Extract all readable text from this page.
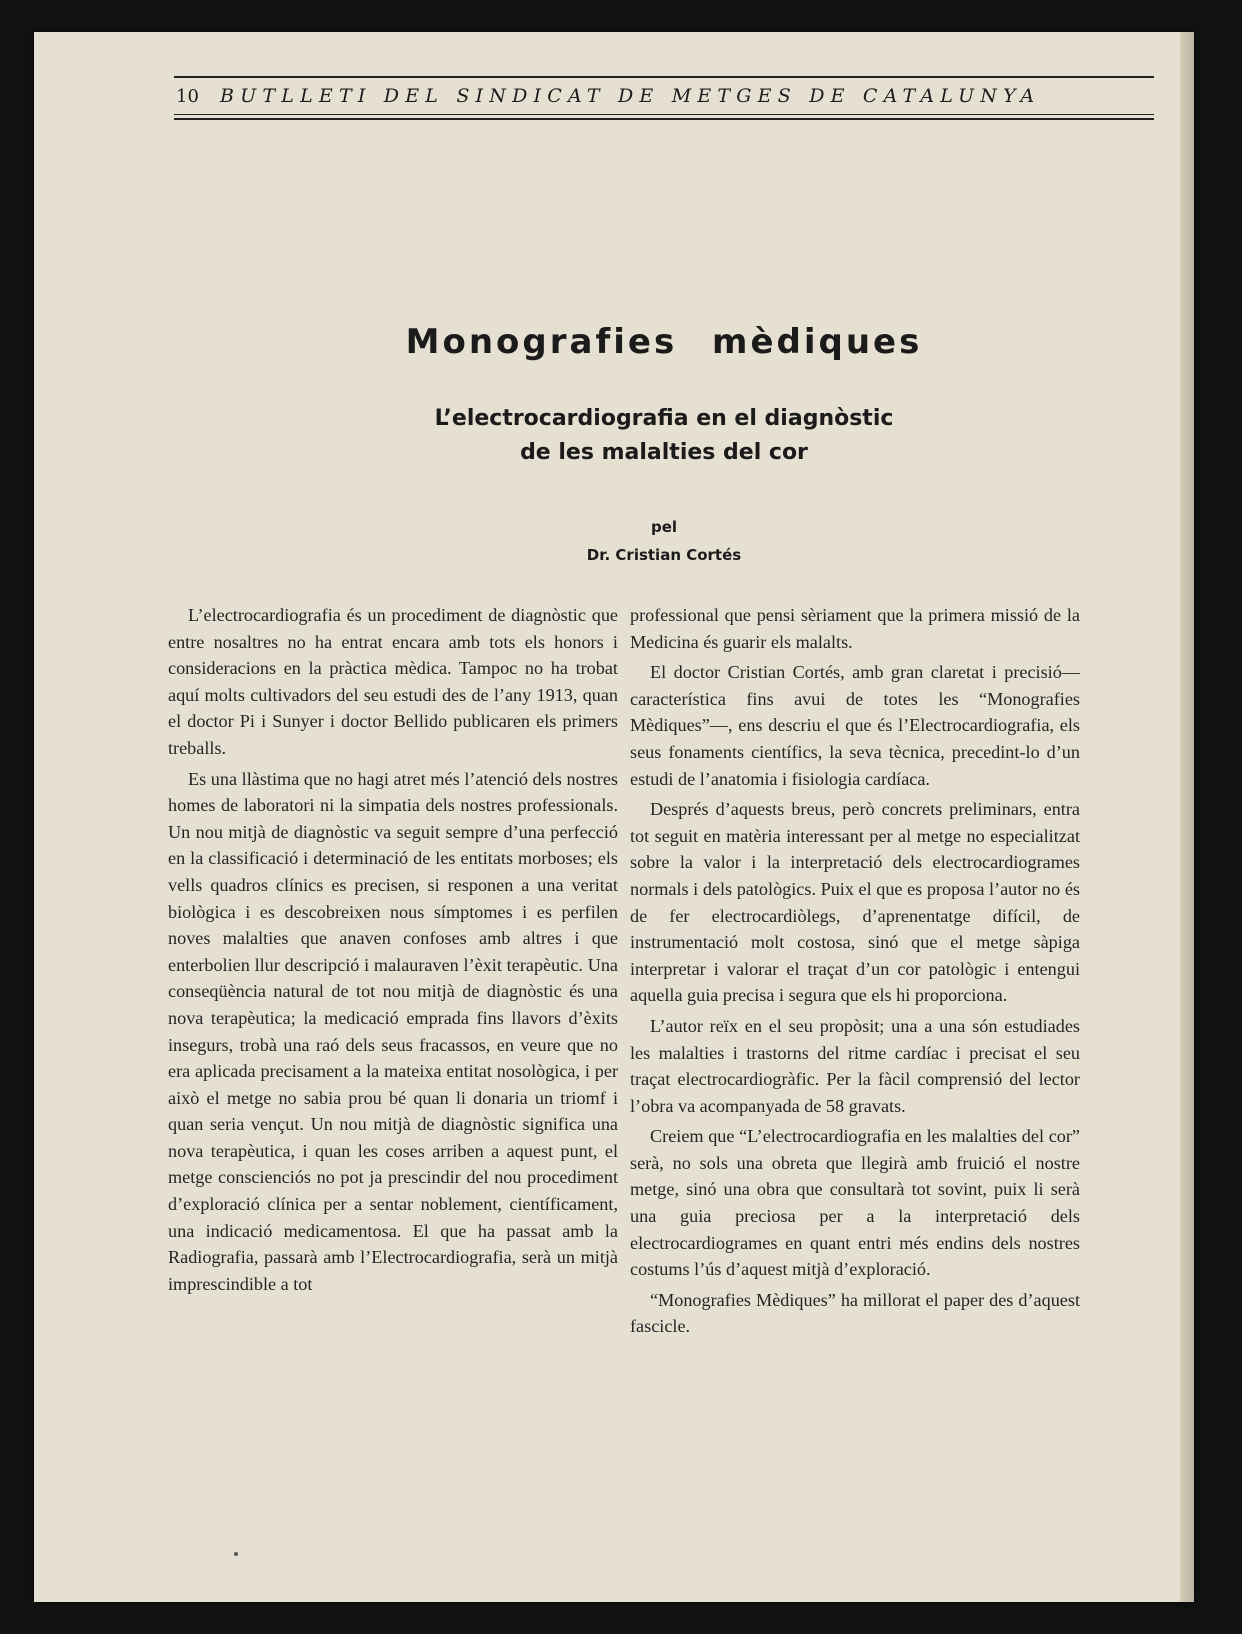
10	BUTLLETI DEL SINDICAT DE METGES DE CATALUNYA
Monografies mèdiques
L’electrocardiografia en el diagnòstic de les malalties del cor
pel
Dr. Cristian Cortés

L’electrocardiografia és un procediment de diagnòstic que entre nosaltres no ha entrat encara amb tots els honors i consideracions en la pràctica mèdica. Tampoc no ha trobat aquí molts cultivadors del seu estudi des de l’any 1913, quan el doctor Pi i Sunyer i doctor Bellido publicaren els primers treballs.

Es una llàstima que no hagi atret més l’atenció dels nostres homes de laboratori ni la simpatia dels nostres professionals. Un nou mitjà de diagnòstic va seguit sempre d’una perfecció en la classificació i determinació de les entitats morboses; els vells quadros clínics es precisen, si responen a una veritat biològica i es descobreixen nous símptomes i es perfilen noves malalties que anaven confoses amb altres i que enterbolien llur descripció i malauraven l’èxit terapèutic. Una conseqüència natural de tot nou mitjà de diagnòstic és una nova terapèutica; la medicació emprada fins llavors d’èxits insegurs, trobà una raó dels seus fracassos, en veure que no era aplicada precisament a la mateixa entitat nosològica, i per això el metge no sabia prou bé quan li donaria un triomf i quan seria vençut. Un nou mitjà de diagnòstic significa una nova terapèutica, i quan les coses arriben a aquest punt, el metge conscienciós no pot ja prescindir del nou procediment d’exploració clínica per a sentar noblement, científicament, una indicació medicamentosa. El que ha passat amb la Radiografia, passarà amb l’Electrocardiografia, serà un mitjà imprescindible a tot

professional que pensi sèriament que la primera missió de la Medicina és guarir els malalts.

El doctor Cristian Cortés, amb gran claretat i precisió—característica fins avui de totes les “Monografies Mèdiques”—, ens descriu el que és l’Electrocardiografia, els seus fonaments científics, la seva tècnica, precedint-lo d’un estudi de l’anatomia i fisiologia cardíaca.

Després d’aquests breus, però concrets preliminars, entra tot seguit en matèria interessant per al metge no especialitzat sobre la valor i la interpretació dels electrocardiogrames normals i dels patològics. Puix el que es proposa l’autor no és de fer electrocardiòlegs, d’aprenentatge difícil, de instrumentació molt costosa, sinó que el metge sàpiga interpretar i valorar el traçat d’un cor patològic i entengui aquella guia precisa i segura que els hi proporciona.

L’autor reïx en el seu propòsit; una a una són estudiades les malalties i trastorns del ritme cardíac i precisat el seu traçat electrocardiogràfic. Per la fàcil comprensió del lector l’obra va acompanyada de 58 gravats.

Creiem que “L’electrocardiografia en les malalties del cor” serà, no sols una obreta que llegirà amb fruició el nostre metge, sinó una obra que consultarà tot sovint, puix li serà una guia preciosa per a la interpretació dels electrocardiogrames en quant entri més endins dels nostres costums l’ús d’aquest mitjà d’exploració.

“Monografies Mèdiques” ha millorat el paper des d’aquest fascicle.
